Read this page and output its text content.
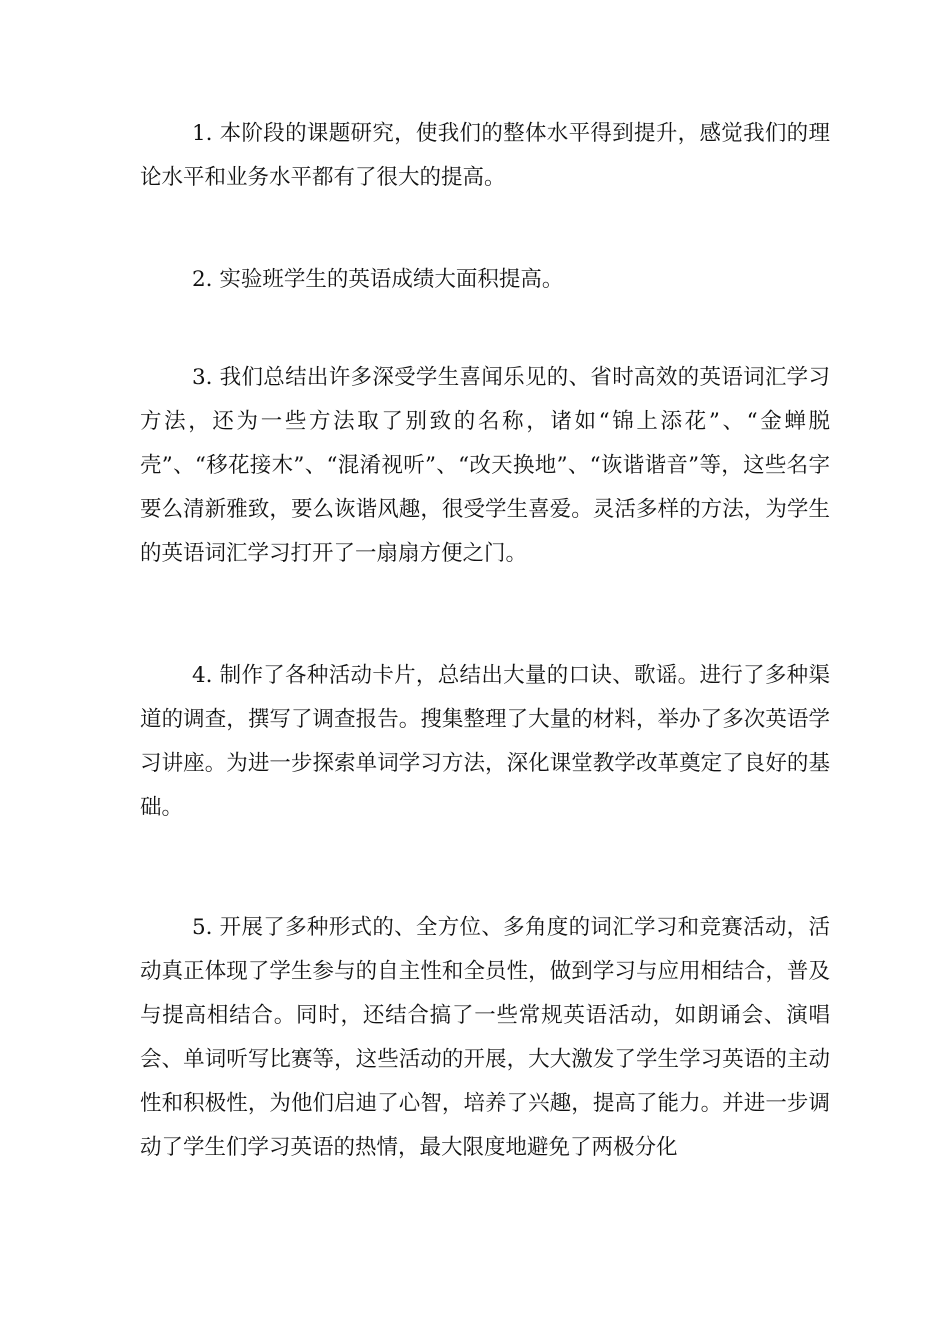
1. 本阶段的课题研究，使我们的整体水平得到提升，感觉我们的理论水平和业务水平都有了很大的提高。

2. 实验班学生的英语成绩大面积提高。

3. 我们总结出许多深受学生喜闻乐见的、省时高效的英语词汇学习方法，还为一些方法取了别致的名称，诸如“锦上添花”、“金蝉脱壳”、“移花接木”、“混淆视听”、“改天换地”、“诙谐谐音”等，这些名字要么清新雅致，要么诙谐风趣，很受学生喜爱。灵活多样的方法，为学生的英语词汇学习打开了一扇扇方便之门。

4. 制作了各种活动卡片，总结出大量的口诀、歌谣。进行了多种渠道的调查，撰写了调查报告。搜集整理了大量的材料，举办了多次英语学习讲座。为进一步探索单词学习方法，深化课堂教学改革奠定了良好的基础。

5. 开展了多种形式的、全方位、多角度的词汇学习和竞赛活动，活动真正体现了学生参与的自主性和全员性，做到学习与应用相结合，普及与提高相结合。同时，还结合搞了一些常规英语活动，如朗诵会、演唱会、单词听写比赛等，这些活动的开展，大大激发了学生学习英语的主动性和积极性，为他们启迪了心智，培养了兴趣，提高了能力。并进一步调动了学生们学习英语的热情，最大限度地避免了两极分化
